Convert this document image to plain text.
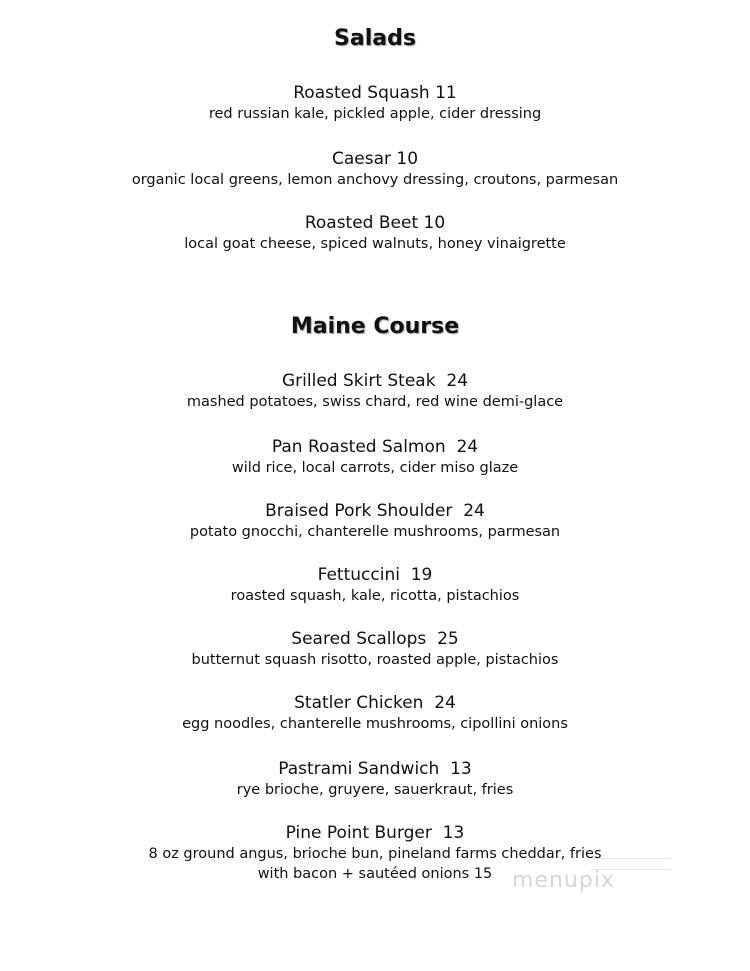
Salads
Roasted Squash 11
red russian kale, pickled apple, cider dressing
Caesar 10
organic local greens, lemon anchovy dressing, croutons, parmesan
Roasted Beet 10
local goat cheese, spiced walnuts, honey vinaigrette
Maine Course
Grilled Skirt Steak  24
mashed potatoes, swiss chard, red wine demi-glace
Pan Roasted Salmon  24
wild rice, local carrots, cider miso glaze
Braised Pork Shoulder  24
potato gnocchi, chanterelle mushrooms, parmesan
Fettuccini  19
roasted squash, kale, ricotta, pistachios
Seared Scallops  25
butternut squash risotto, roasted apple, pistachios
Statler Chicken  24
egg noodles, chanterelle mushrooms, cipollini onions
Pastrami Sandwich  13
rye brioche, gruyere, sauerkraut, fries
Pine Point Burger  13
8 oz ground angus, brioche bun, pineland farms cheddar, fries
with bacon + sautéed onions 15 menupix
